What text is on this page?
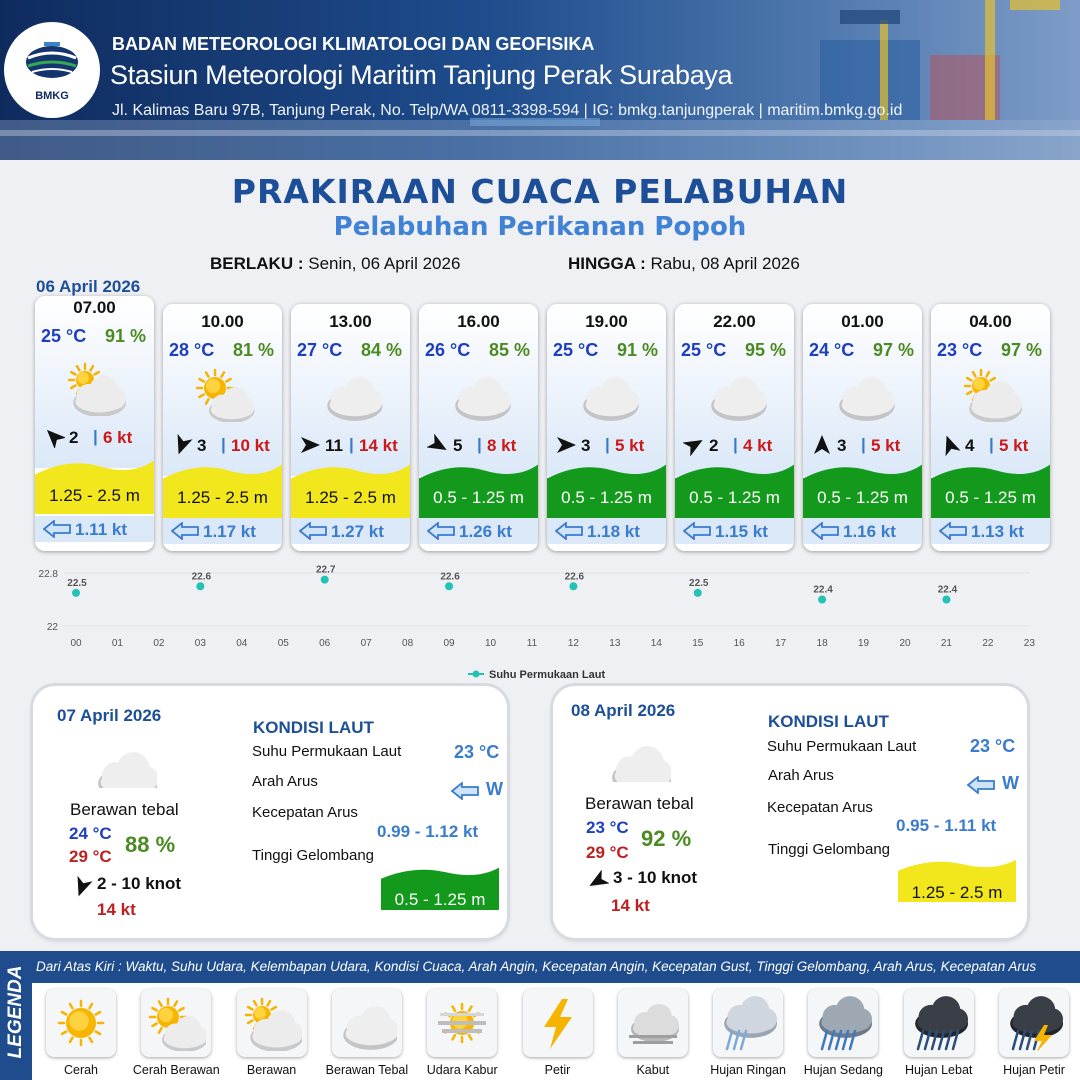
BMKG
BADAN METEOROLOGI KLIMATOLOGI DAN GEOFISIKA
Stasiun Meteorologi Maritim Tanjung Perak Surabaya
Jl. Kalimas Baru 97B, Tanjung Perak, No. Telp/WA 0811-3398-594 | IG: bmkg.tanjungperak | maritim.bmkg.go.id
PRAKIRAAN CUACA PELABUHAN
Pelabuhan Perikanan Popoh
BERLAKU : Senin, 06 April 2026	HINGGA : Rabu, 08 April 2026
06 April 2026
07.00
25 °C 91 %
2 | 6 kt
1.25 - 2.5 m
1.11 kt
10.00
28 °C 81 %
3 | 10 kt
1.25 - 2.5 m
1.17 kt
13.00
27 °C 84 %
11 | 14 kt
1.25 - 2.5 m
1.27 kt
16.00
26 °C 85 %
5 | 8 kt
0.5 - 1.25 m
1.26 kt
19.00
25 °C 91 %
3 | 5 kt
0.5 - 1.25 m
1.18 kt
22.00
25 °C 95 %
2 | 4 kt
0.5 - 1.25 m
1.15 kt
01.00
24 °C 97 %
3 | 5 kt
0.5 - 1.25 m
1.16 kt
04.00
23 °C 97 %
4 | 5 kt
0.5 - 1.25 m
1.13 kt
22.8
22
00	01	02	03	04	05	06	07	08	09	10	11	12	13	14	15	16	17	18	19	20	21	22	23
22.5
22.6
22.7
22.6	22.6
22.5
22.4	22.4
Suhu Permukaan Laut
07 April 2026
Berawan tebal
24 °C
29 °C 88 %
2 - 10 knot
14 kt
KONDISI LAUT
Suhu Permukaan Laut	23 °C
Arah Arus	W
Kecepatan Arus
0.99 - 1.12 kt
Tinggi Gelombang
0.5 - 1.25 m
08 April 2026
Berawan tebal
23 °C
29 °C
92 %
3 - 10 knot
14 kt
KONDISI LAUT
Suhu Permukaan Laut	23 °C
Arah Arus	W
Kecepatan Arus
0.95 - 1.11 kt
Tinggi Gelombang
1.25 - 2.5 m
LEGENDA Dari Atas Kiri : Waktu, Suhu Udara, Kelembapan Udara, Kondisi Cuaca, Arah Angin, Kecepatan Angin, Kecepatan Gust, Tinggi Gelombang, Arah Arus, Kecepatan Arus
Cerah	Cerah Berawan	Berawan	Berawan Tebal	Udara Kabur	Petir	Kabut	Hujan Ringan	Hujan Sedang	Hujan Lebat	Hujan Petir
